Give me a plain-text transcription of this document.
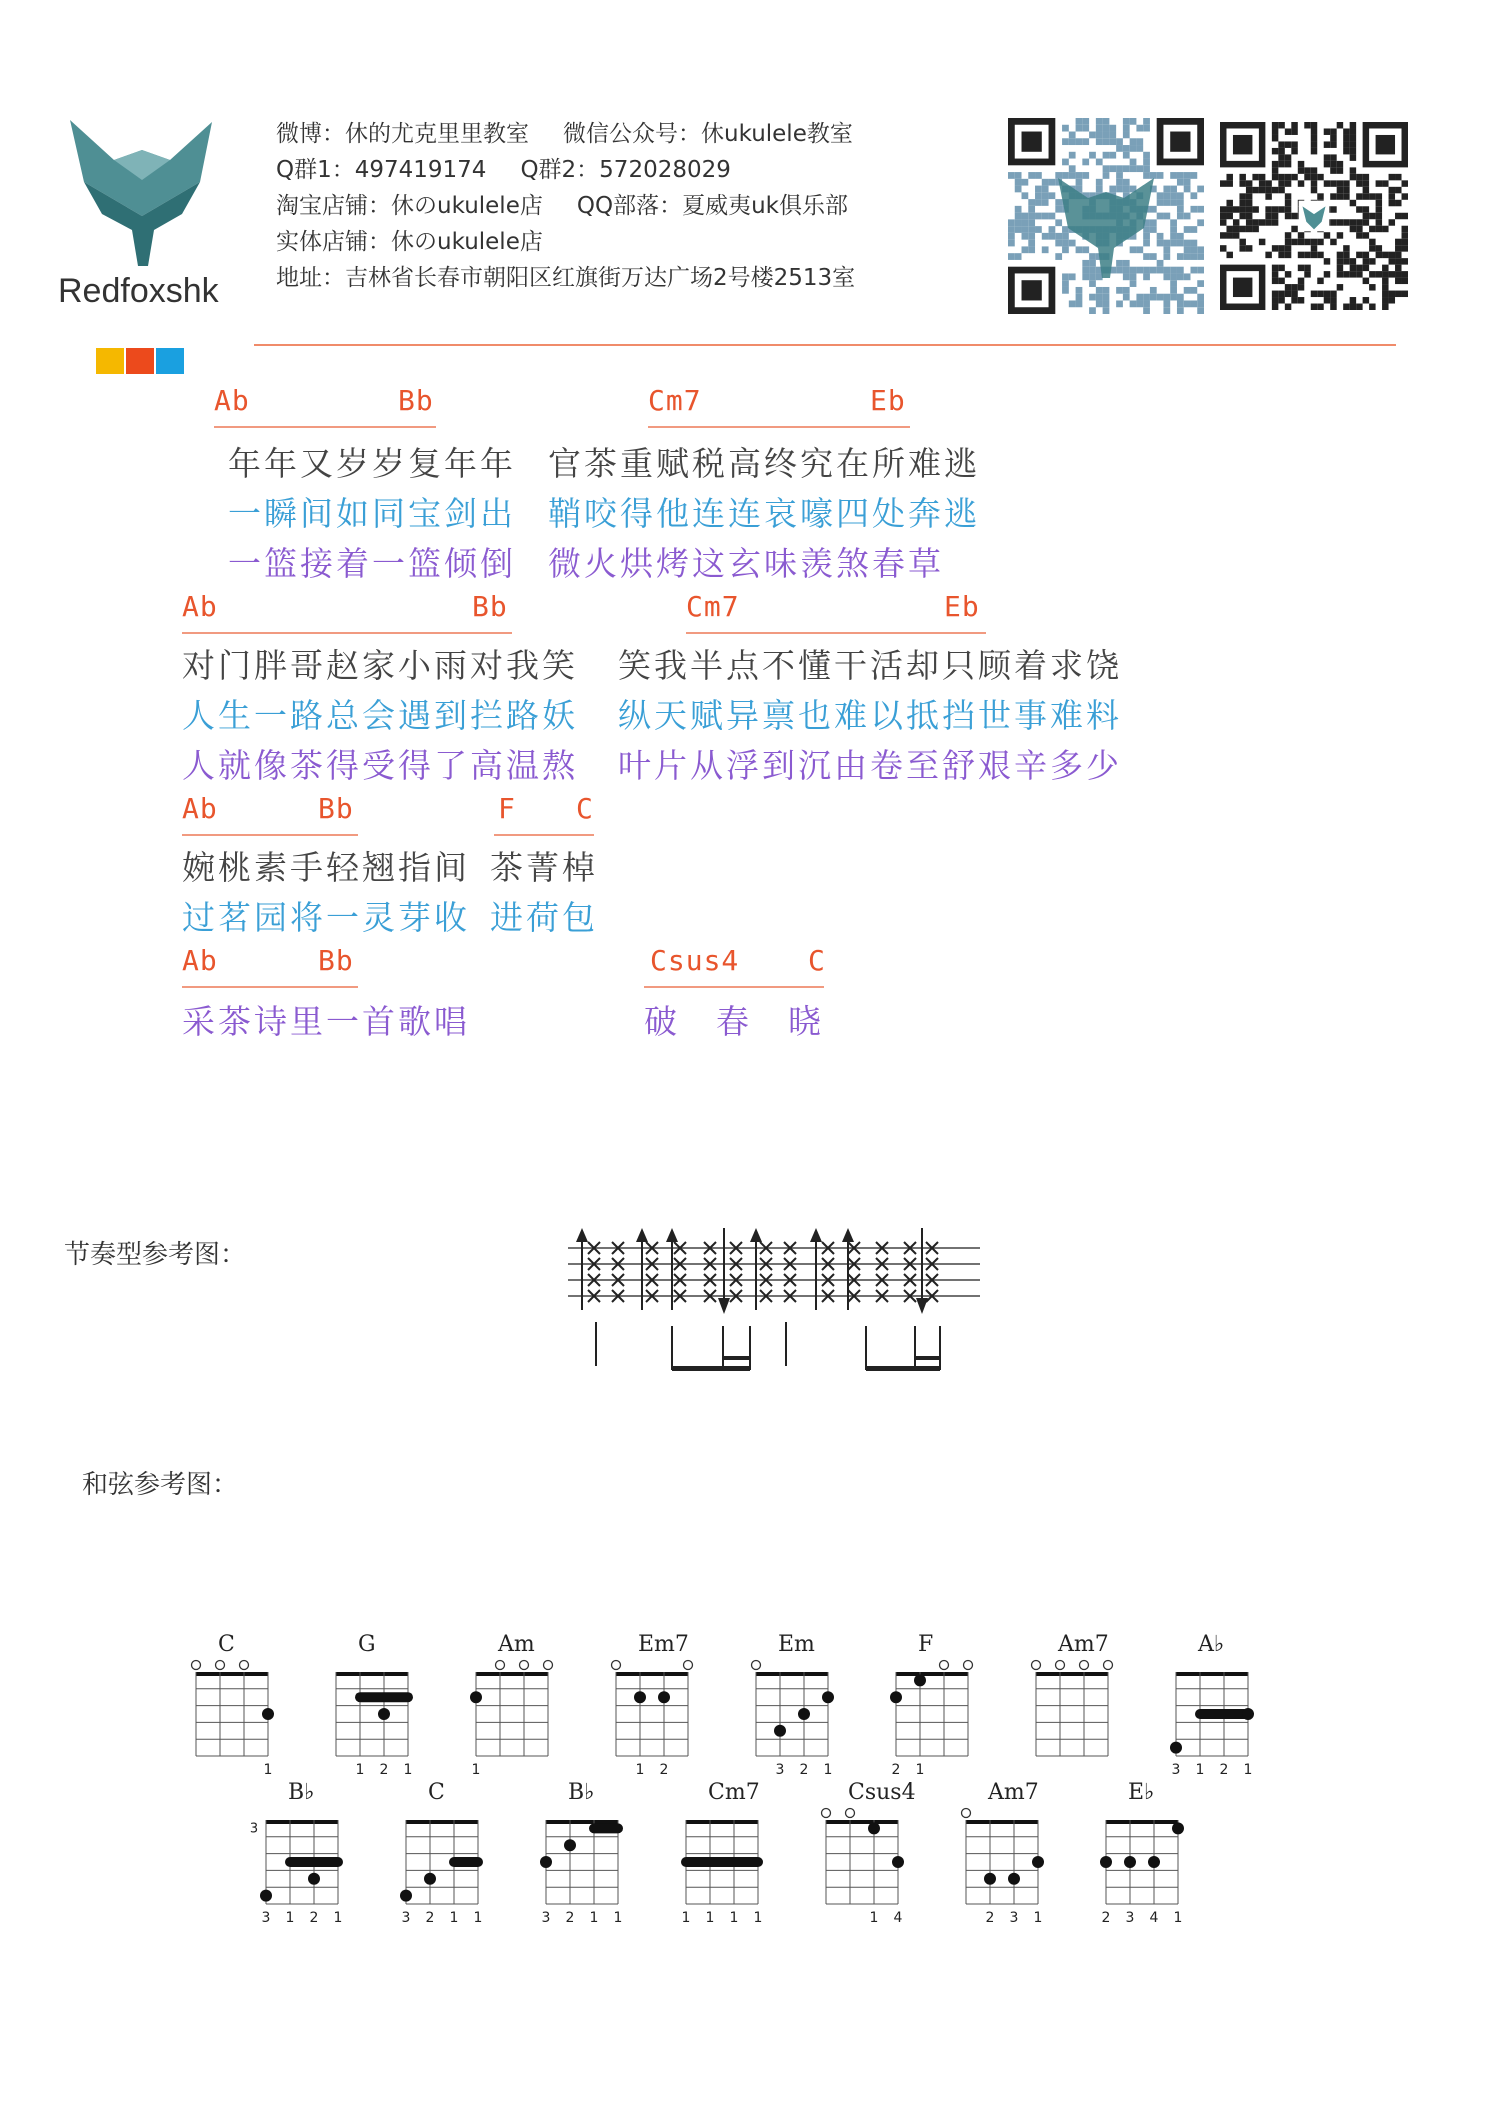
Redfoxshk
微博：休的尤克里里教室 微信公众号：休ukulele教室
Q群1：497419174 Q群2：572028029
淘宝店铺：休のukulele店 QQ部落：夏威夷uk俱乐部
实体店铺：休のukulele店
地址：吉林省长春市朝阳区红旗街万达广场2号楼2513室
Ab	Bb	Cm7	Eb
年年又岁岁复年年 官茶重赋税高终究在所难逃
一瞬间如同宝剑出 鞘咬得他连连哀嚎四处奔逃
一篮接着一篮倾倒 微火烘烤这玄味羡煞春草
Ab	Bb	Cm7	Eb
对门胖哥赵家小雨对我笑 笑我半点不懂干活却只顾着求饶
人生一路总会遇到拦路妖 纵天赋异禀也难以抵挡世事难料
人就像茶得受得了高温熬 叶片从浮到沉由卷至舒艰辛多少
Ab	Bb	F C
婉桃素手轻翘指间 茶菁棹
过茗园将一灵芽收 进荷包
Ab	Bb	Csus4 C
采茶诗里一首歌唱	破　春　晓
节奏型参考图：
和弦参考图：
C
1
G
1 2 1
Am
1
Em7
1 2
Em
3 2 1
F
2 1
Am7	A♭
3 1 2 1
B♭
3 1 2 1
3
C
3 2 1 1
B♭
3 2 1 1
Cm7
1 1 1 1
Csus4
1 4
Am7
2 3 1
E♭
2 3 4 1
